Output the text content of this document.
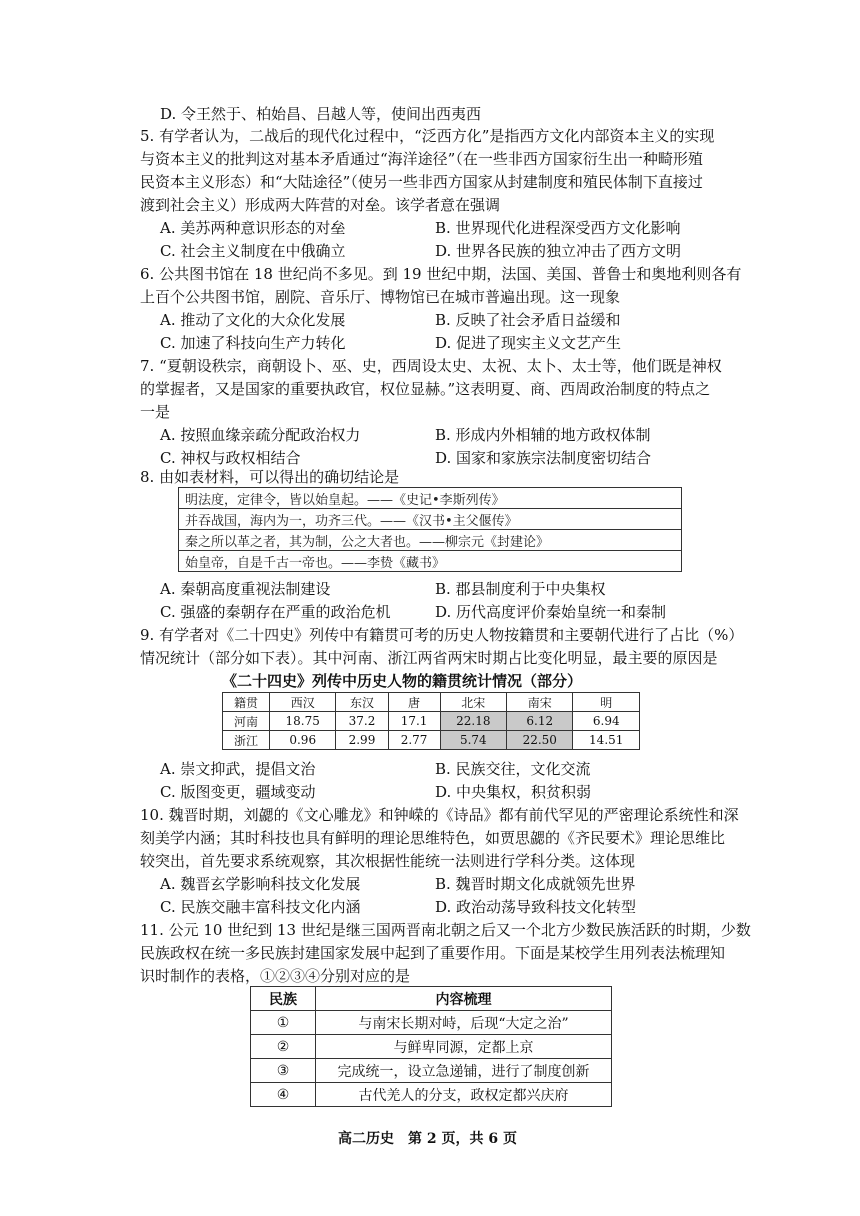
D. 令王然于、柏始昌、吕越人等，使间出西夷西
5. 有学者认为，二战后的现代化过程中，“泛西方化”是指西方文化内部资本主义的实现
与资本主义的批判这对基本矛盾通过“海洋途径”（在一些非西方国家衍生出一种畸形殖
民资本主义形态）和“大陆途径”（使另一些非西方国家从封建制度和殖民体制下直接过
渡到社会主义）形成两大阵营的对垒。该学者意在强调
A. 美苏两种意识形态的对垒	B. 世界现代化进程深受西方文化影响
C. 社会主义制度在中俄确立	D. 世界各民族的独立冲击了西方文明
6. 公共图书馆在 18 世纪尚不多见。到 19 世纪中期，法国、美国、普鲁士和奥地利则各有
上百个公共图书馆，剧院、音乐厅、博物馆已在城市普遍出现。这一现象
A. 推动了文化的大众化发展	B. 反映了社会矛盾日益缓和
C. 加速了科技向生产力转化	D. 促进了现实主义文艺产生
7. “夏朝设秩宗，商朝设卜、巫、史，西周设太史、太祝、太卜、太士等，他们既是神权
的掌握者，又是国家的重要执政官，权位显赫。”这表明夏、商、西周政治制度的特点之
一是
A. 按照血缘亲疏分配政治权力	B. 形成内外相辅的地方政权体制
C. 神权与政权相结合	D. 国家和家族宗法制度密切结合
8. 由如表材料，可以得出的确切结论是
明法度，定律令，皆以始皇起。——《史记•李斯列传》
并吞战国，海内为一，功齐三代。——《汉书•主父偃传》
秦之所以革之者，其为制，公之大者也。——柳宗元《封建论》
始皇帝，自是千古一帝也。——李贽《藏书》
A. 秦朝高度重视法制建设	B. 郡县制度利于中央集权
C. 强盛的秦朝存在严重的政治危机	D. 历代高度评价秦始皇统一和秦制
9. 有学者对《二十四史》列传中有籍贯可考的历史人物按籍贯和主要朝代进行了占比（%）
情况统计（部分如下表）。其中河南、浙江两省两宋时期占比变化明显，最主要的原因是
《二十四史》列传中历史人物的籍贯统计情况（部分）
籍贯	西汉	东汉	唐	北宋	南宋	明
河南	18.75	37.2	17.1	22.18	6.12	6.94
浙江	0.96	2.99	2.77	5.74	22.50	14.51
A. 崇文抑武，提倡文治	B. 民族交往，文化交流
C. 版图变更，疆域变动	D. 中央集权，积贫积弱
10. 魏晋时期，刘勰的《文心雕龙》和钟嵘的《诗品》都有前代罕见的严密理论系统性和深
刻美学内涵；其时科技也具有鲜明的理论思维特色，如贾思勰的《齐民要术》理论思维比
较突出，首先要求系统观察，其次根据性能统一法则进行学科分类。这体现
A. 魏晋玄学影响科技文化发展	B. 魏晋时期文化成就领先世界
C. 民族交融丰富科技文化内涵	D. 政治动荡导致科技文化转型
11. 公元 10 世纪到 13 世纪是继三国两晋南北朝之后又一个北方少数民族活跃的时期，少数
民族政权在统一多民族封建国家发展中起到了重要作用。下面是某校学生用列表法梳理知
识时制作的表格，①②③④分别对应的是
民族	内容梳理
①	与南宋长期对峙，后现“大定之治”
②	与鲜卑同源，定都上京
③	完成统一，设立急递铺，进行了制度创新
④	古代羌人的分支，政权定都兴庆府
高二历史　第 2 页，共 6 页
